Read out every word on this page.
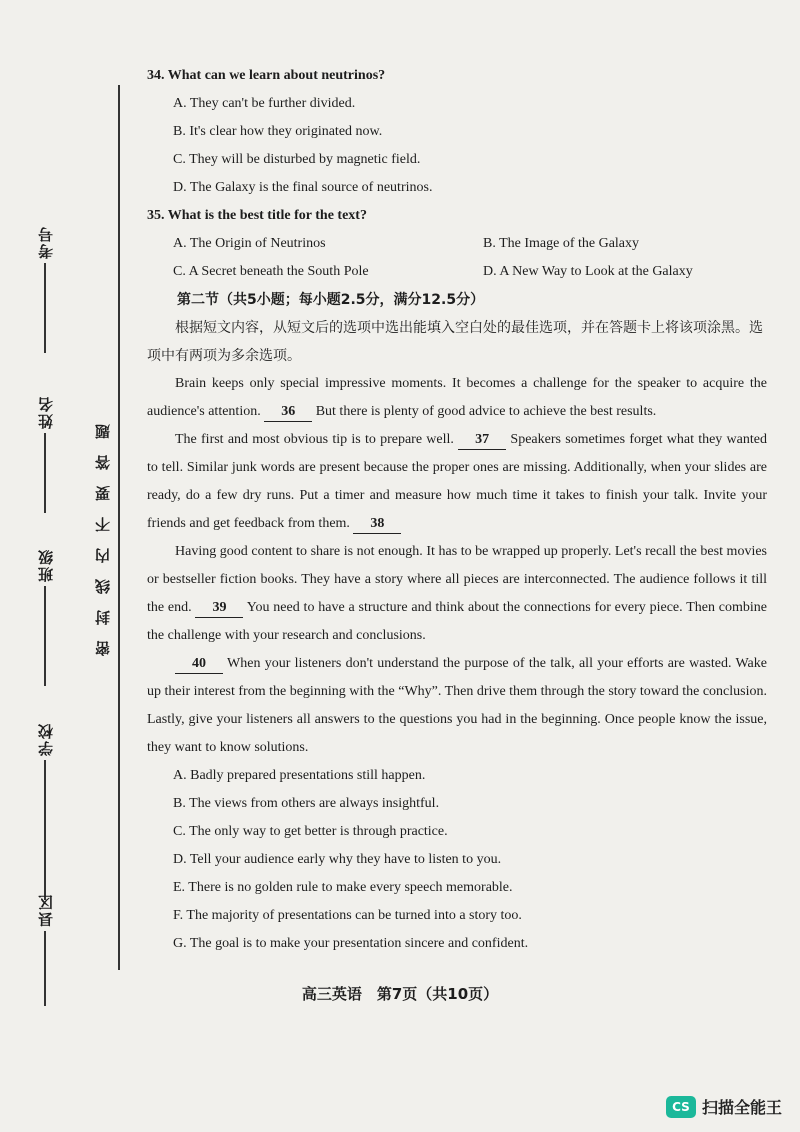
考号
姓名
班级
学校
县区
密封线内不要答题
34. What can we learn about neutrinos?
A. They can't be further divided.
B. It's clear how they originated now.
C. They will be disturbed by magnetic field.
D. The Galaxy is the final source of neutrinos.
35. What is the best title for the text?
A. The Origin of Neutrinos	B. The Image of the Galaxy
C. A Secret beneath the South Pole	D. A New Way to Look at the Galaxy
第二节（共5小题；每小题2.5分，满分12.5分）
根据短文内容，从短文后的选项中选出能填入空白处的最佳选项，并在答题卡上将该项涂黑。选项中有两项为多余选项。
Brain keeps only special impressive moments. It becomes a challenge for the speaker to acquire the audience's attention. 36 But there is plenty of good advice to achieve the best results.
The first and most obvious tip is to prepare well. 37 Speakers sometimes forget what they wanted to tell. Similar junk words are present because the proper ones are missing. Additionally, when your slides are ready, do a few dry runs. Put a timer and measure how much time it takes to finish your talk. Invite your friends and get feedback from them. 38
Having good content to share is not enough. It has to be wrapped up properly. Let's recall the best movies or bestseller fiction books. They have a story where all pieces are interconnected. The audience follows it till the end. 39 You need to have a structure and think about the connections for every piece. Then combine the challenge with your research and conclusions.
40 When your listeners don't understand the purpose of the talk, all your efforts are wasted. Wake up their interest from the beginning with the “Why”. Then drive them through the story toward the conclusion. Lastly, give your listeners all answers to the questions you had in the beginning. Once people know the issue, they want to know solutions.
A. Badly prepared presentations still happen.
B. The views from others are always insightful.
C. The only way to get better is through practice.
D. Tell your audience early why they have to listen to you.
E. There is no golden rule to make every speech memorable.
F. The majority of presentations can be turned into a story too.
G. The goal is to make your presentation sincere and confident.
高三英语　第7页（共10页）
CS 扫描全能王
